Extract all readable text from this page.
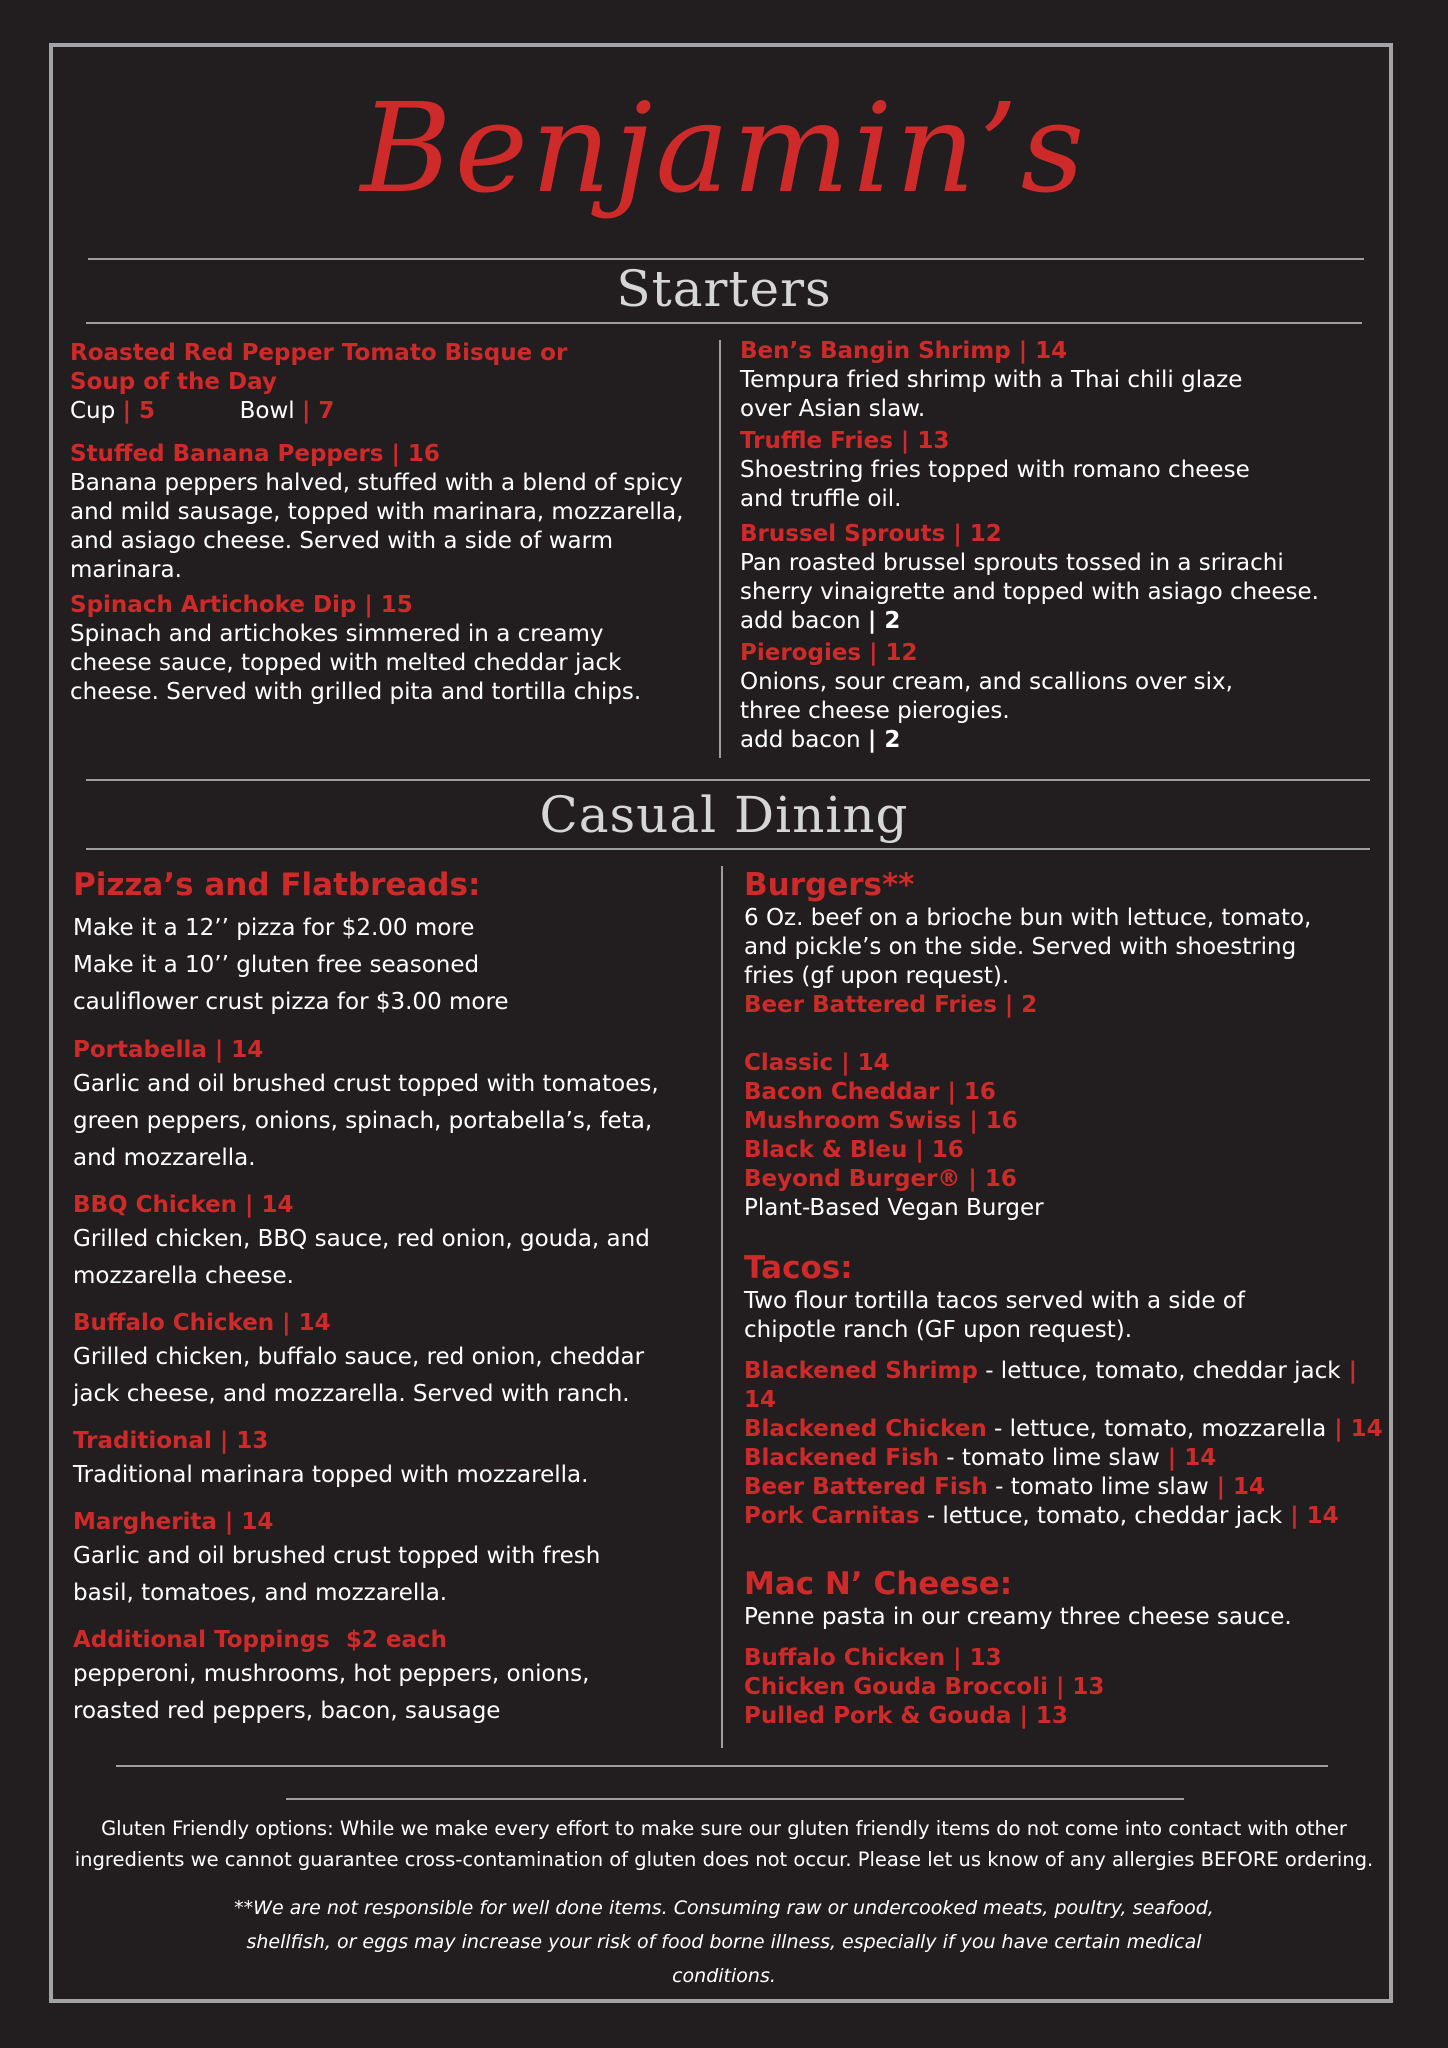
Benjamin’s
Starters
Roasted Red Pepper Tomato Bisque or Soup of the Day
Cup | 5	Bowl | 7
Stuffed Banana Peppers | 16
Banana peppers halved, stuffed with a blend of spicy and mild sausage, topped with marinara, mozzarella, and asiago cheese. Served with a side of warm marinara.
Spinach Artichoke Dip | 15
Spinach and artichokes simmered in a creamy cheese sauce, topped with melted cheddar jack cheese. Served with grilled pita and tortilla chips.
Ben’s Bangin Shrimp | 14
Tempura fried shrimp with a Thai chili glaze over Asian slaw.
Truffle Fries | 13
Shoestring fries topped with romano cheese and truffle oil.
Brussel Sprouts | 12
Pan roasted brussel sprouts tossed in a srirachi sherry vinaigrette and topped with asiago cheese.
add bacon | 2
Pierogies | 12
Onions, sour cream, and scallions over six, three cheese pierogies.
add bacon | 2
Casual Dining
Pizza’s and Flatbreads:
Make it a 12’’ pizza for $2.00 more
Make it a 10’’ gluten free seasoned cauliflower crust pizza for $3.00 more
Portabella | 14
Garlic and oil brushed crust topped with tomatoes, green peppers, onions, spinach, portabella’s, feta, and mozzarella.
BBQ Chicken | 14
Grilled chicken, BBQ sauce, red onion, gouda, and mozzarella cheese.
Buffalo Chicken | 14
Grilled chicken, buffalo sauce, red onion, cheddar jack cheese, and mozzarella. Served with ranch.
Traditional | 13
Traditional marinara topped with mozzarella.
Margherita | 14
Garlic and oil brushed crust topped with fresh basil, tomatoes, and mozzarella.
Additional Toppings  $2 each
pepperoni, mushrooms, hot peppers, onions, roasted red peppers, bacon, sausage
Burgers**
6 Oz. beef on a brioche bun with lettuce, tomato, and pickle’s on the side. Served with shoestring fries (gf upon request).
Beer Battered Fries | 2
Classic | 14
Bacon Cheddar | 16
Mushroom Swiss | 16
Black & Bleu | 16
Beyond Burger® | 16
Plant-Based Vegan Burger
Tacos:
Two flour tortilla tacos served with a side of chipotle ranch (GF upon request).
Blackened Shrimp - lettuce, tomato, cheddar jack | 14
Blackened Chicken - lettuce, tomato, mozzarella | 14
Blackened Fish - tomato lime slaw | 14
Beer Battered Fish - tomato lime slaw | 14
Pork Carnitas - lettuce, tomato, cheddar jack | 14
Mac N’ Cheese:
Penne pasta in our creamy three cheese sauce.
Buffalo Chicken | 13
Chicken Gouda Broccoli | 13
Pulled Pork & Gouda | 13
Gluten Friendly options: While we make every effort to make sure our gluten friendly items do not come into contact with other ingredients we cannot guarantee cross-contamination of gluten does not occur. Please let us know of any allergies BEFORE ordering.
**We are not responsible for well done items. Consuming raw or undercooked meats, poultry, seafood, shellfish, or eggs may increase your risk of food borne illness, especially if you have certain medical conditions.
